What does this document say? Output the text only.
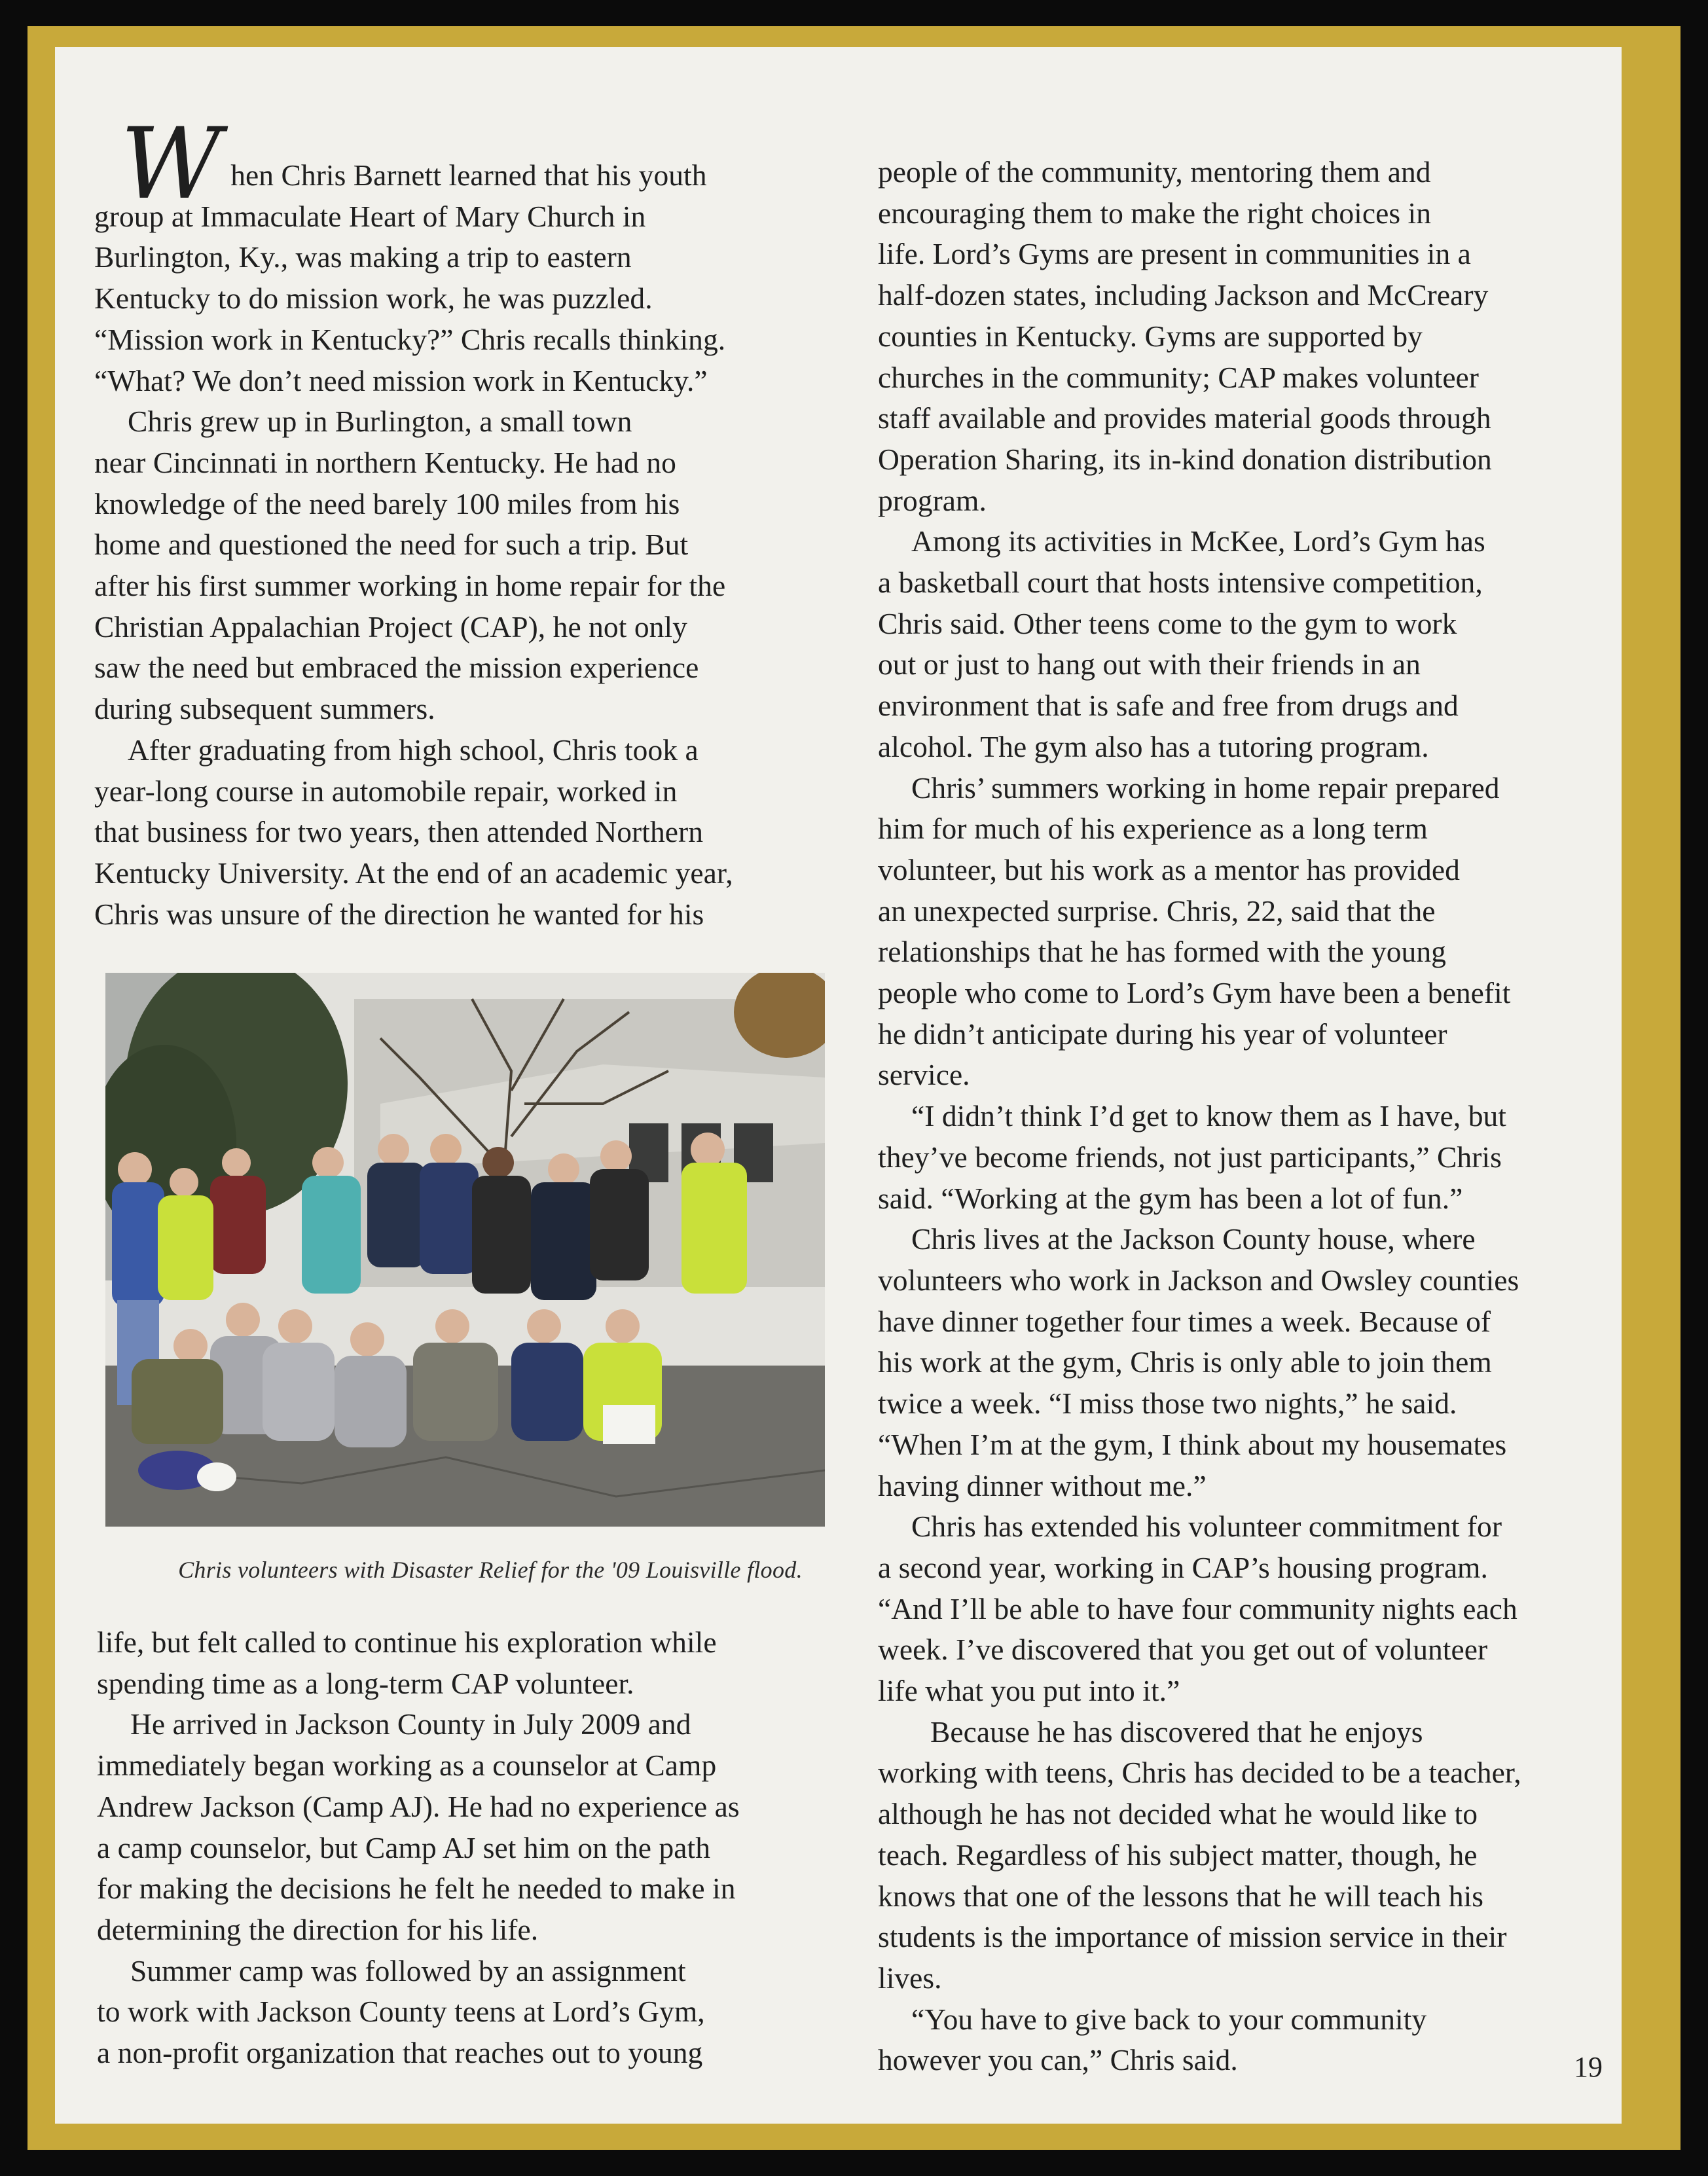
When Chris Barnett learned that his youth
group at Immaculate Heart of Mary Church in
Burlington, Ky., was making a trip to eastern
Kentucky to do mission work, he was puzzled.
“Mission work in Kentucky?” Chris recalls thinking.
“What? We don’t need mission work in Kentucky.”

Chris grew up in Burlington, a small town
near Cincinnati in northern Kentucky. He had no
knowledge of the need barely 100 miles from his
home and questioned the need for such a trip. But
after his first summer working in home repair for the
Christian Appalachian Project (CAP), he not only
saw the need but embraced the mission experience
during subsequent summers.

After graduating from high school, Chris took a
year-long course in automobile repair, worked in
that business for two years, then attended Northern
Kentucky University. At the end of an academic year,
Chris was unsure of the direction he wanted for his

Chris volunteers with Disaster Relief for the '09 Louisville flood.

life, but felt called to continue his exploration while
spending time as a long-term CAP volunteer.

He arrived in Jackson County in July 2009 and
immediately began working as a counselor at Camp
Andrew Jackson (Camp AJ). He had no experience as
a camp counselor, but Camp AJ set him on the path
for making the decisions he felt he needed to make in
determining the direction for his life.

Summer camp was followed by an assignment
to work with Jackson County teens at Lord’s Gym,
a non-profit organization that reaches out to young

people of the community, mentoring them and
encouraging them to make the right choices in
life. Lord’s Gyms are present in communities in a
half-dozen states, including Jackson and McCreary
counties in Kentucky. Gyms are supported by
churches in the community; CAP makes volunteer
staff available and provides material goods through
Operation Sharing, its in-kind donation distribution
program.

Among its activities in McKee, Lord’s Gym has
a basketball court that hosts intensive competition,
Chris said. Other teens come to the gym to work
out or just to hang out with their friends in an
environment that is safe and free from drugs and
alcohol. The gym also has a tutoring program.

Chris’ summers working in home repair prepared
him for much of his experience as a long term
volunteer, but his work as a mentor has provided
an unexpected surprise. Chris, 22, said that the
relationships that he has formed with the young
people who come to Lord’s Gym have been a benefit
he didn’t anticipate during his year of volunteer
service.

“I didn’t think I’d get to know them as I have, but
they’ve become friends, not just participants,” Chris
said. “Working at the gym has been a lot of fun.”

Chris lives at the Jackson County house, where
volunteers who work in Jackson and Owsley counties
have dinner together four times a week. Because of
his work at the gym, Chris is only able to join them
twice a week. “I miss those two nights,” he said.
“When I’m at the gym, I think about my housemates
having dinner without me.”

Chris has extended his volunteer commitment for
a second year, working in CAP’s housing program.
“And I’ll be able to have four community nights each
week. I’ve discovered that you get out of volunteer
life what you put into it.”

Because he has discovered that he enjoys
working with teens, Chris has decided to be a teacher,
although he has not decided what he would like to
teach. Regardless of his subject matter, though, he
knows that one of the lessons that he will teach his
students is the importance of mission service in their
lives.

“You have to give back to your community
however you can,” Chris said.	19
